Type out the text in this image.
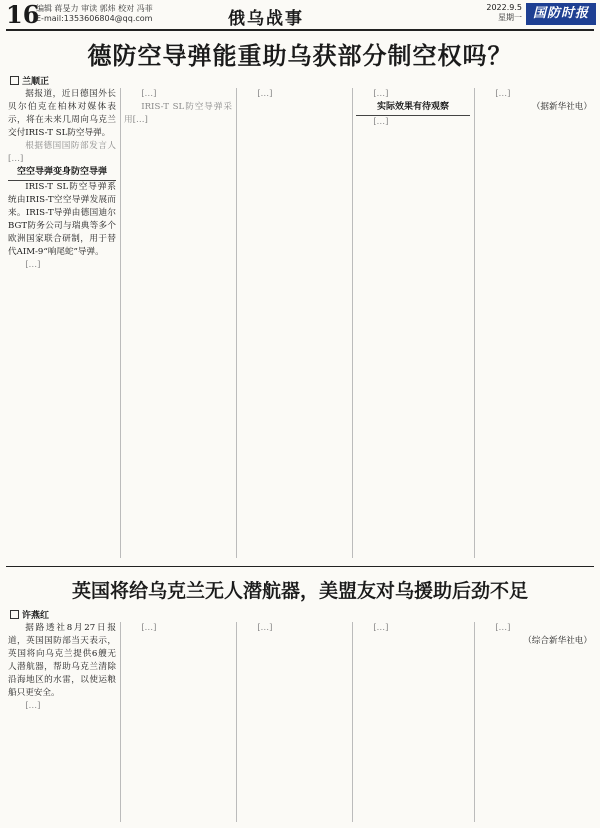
16
编辑 蒋旻力 审读 郭炜 校对 冯菲
E-mail:1353606804@qq.com	俄乌战事
2022.9.5
星期一 国防时报
德防空导弹能重助乌获部分制空权吗？
兰顺正

据报道，近日德国外长贝尔伯克在柏林对媒体表示，将在未来几周向乌克兰交付IRIS-T SL防空导弹。

根据德国国防部发言人[…]

空空导弹变身防空导弹

IRIS-T SL防空导弹系统由IRIS-T空空导弹发展而来。IRIS-T导弹由德国迪尔BGT防务公司与瑞典等多个欧洲国家联合研制，用于替代AIM-9“响尾蛇”导弹。

[…]

[…]

IRIS-T SL防空导弹采用[…]

[…]	[…]

实际效果有待观察

[…]

[…]

（据新华社电）

英国将给乌克兰无人潜航器，美盟友对乌援助后劲不足
许燕红

据路透社8月27日报道，英国国防部当天表示，英国将向乌克兰提供6艘无人潜航器，帮助乌克兰清除沿海地区的水雷，以使运粮船只更安全。

[…]

[…]	[…]	[…]	[…]

（综合新华社电）
